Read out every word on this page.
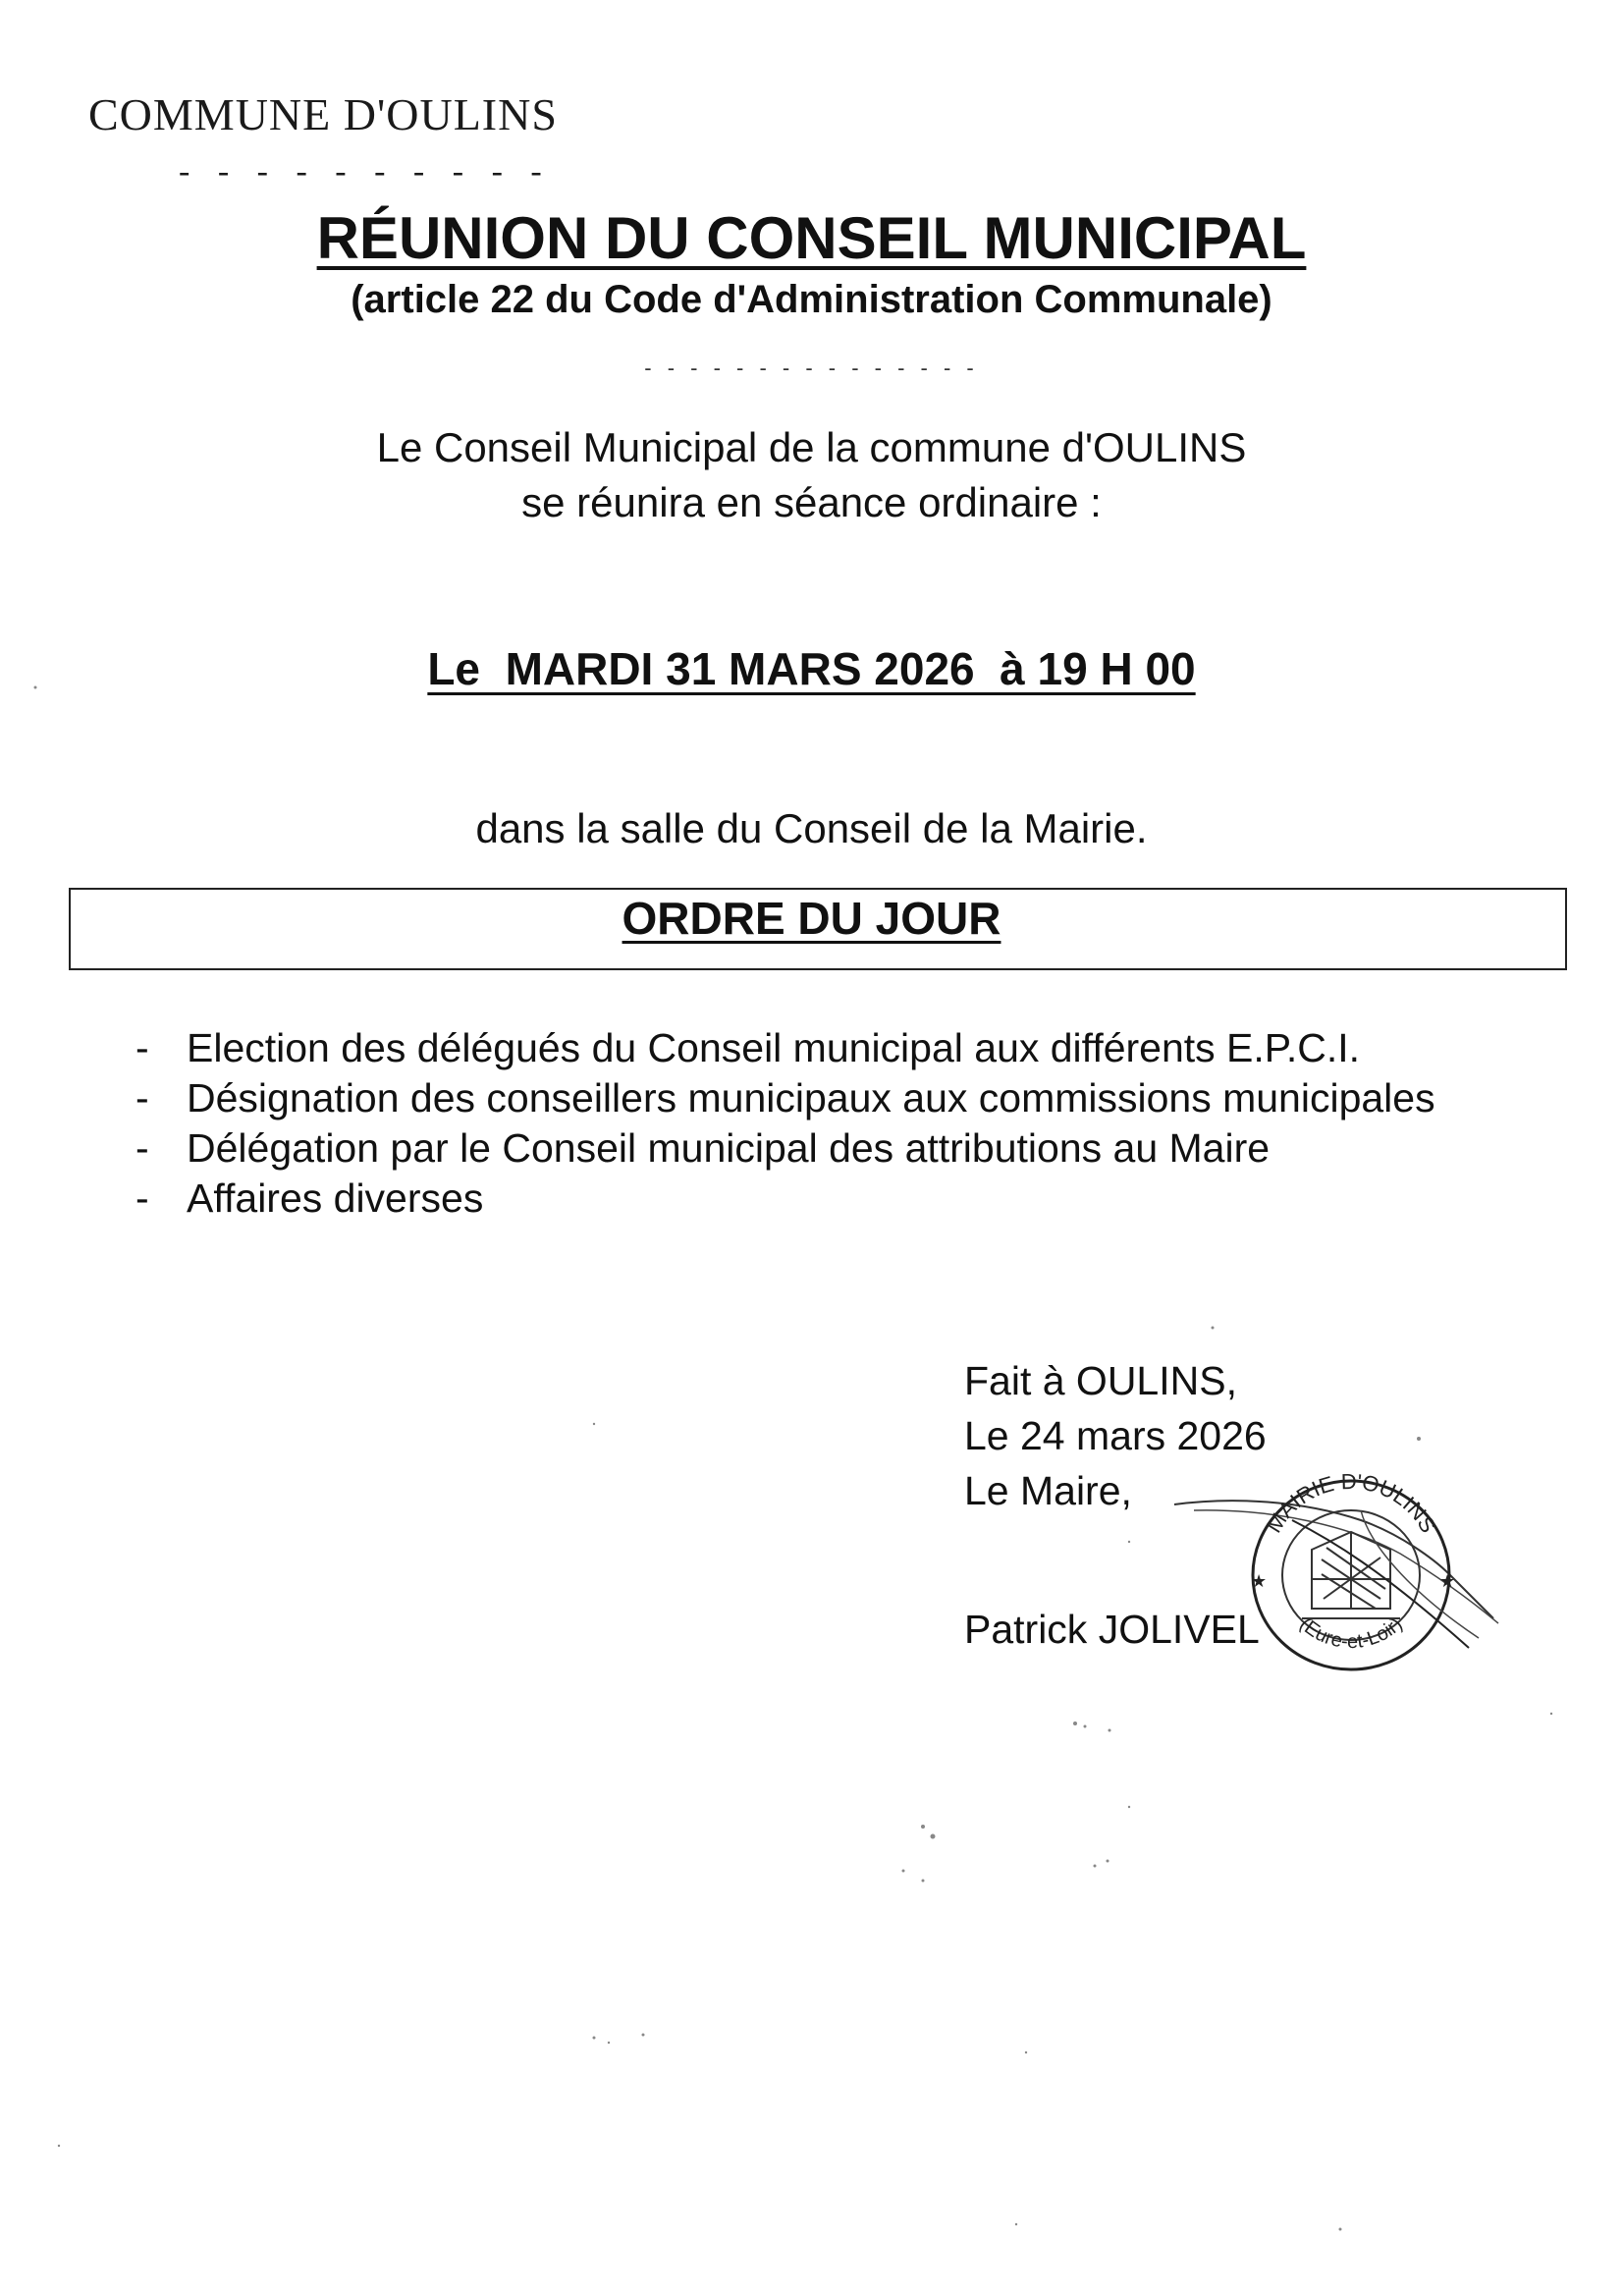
COMMUNE D'OULINS
- - - - - - - - - -
RÉUNION DU CONSEIL MUNICIPAL
(article 22 du Code d'Administration Communale)
- - - - - - - - - - - - - - -
Le Conseil Municipal de la commune d'OULINS
se réunira en séance ordinaire :
Le  MARDI 31 MARS 2026  à 19 H 00
dans la salle du Conseil de la Mairie.
ORDRE DU JOUR
- Election des délégués du Conseil municipal aux différents E.P.C.I.
- Désignation des conseillers municipaux aux commissions municipales
- Délégation par le Conseil municipal des attributions au Maire
- Affaires diverses
Fait à OULINS,
Le 24 mars 2026
Le Maire,
Patrick JOLIVEL
MAIRIE D'OULINS
(Eure-et-Loir)
★	★
